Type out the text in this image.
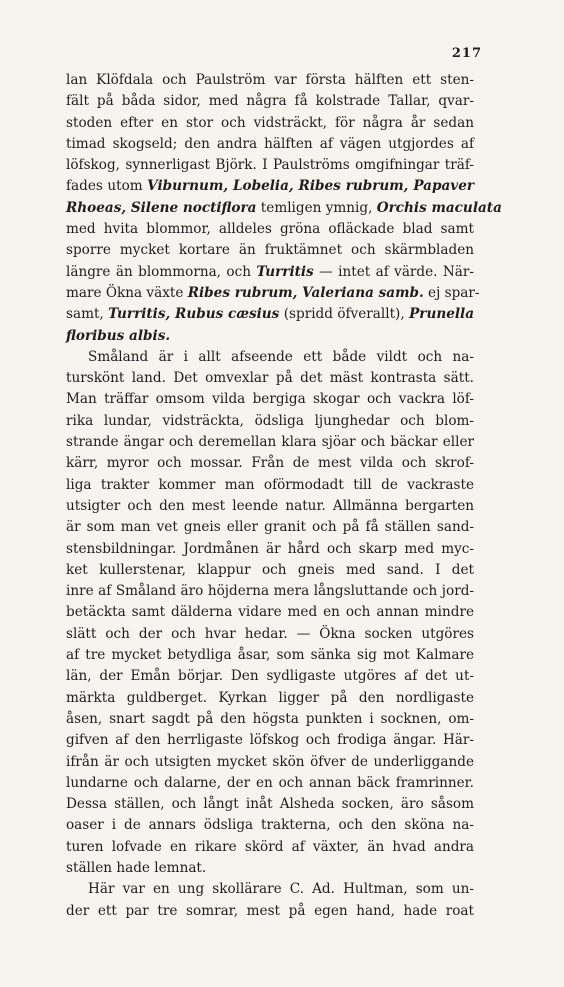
217
lan Klöfdala och Paulström var första hälften ett sten-
fält på båda sidor, med några få kolstrade Tallar, qvar-
stoden efter en stor och vidsträckt, för några år sedan
timad skogseld; den andra hälften af vägen utgjordes af
löfskog, synnerligast Björk. I Paulströms omgifningar träf-
fades utom Viburnum, Lobelia, Ribes rubrum, Papaver
Rhoeas, Silene noctiflora temligen ymnig, Orchis maculata
med hvita blommor, alldeles gröna ofläckade blad samt
sporre mycket kortare än fruktämnet och skärmbladen
längre än blommorna, och Turritis — intet af värde. När-
mare Ökna växte Ribes rubrum, Valeriana samb. ej spar-
samt, Turritis, Rubus cæsius (spridd öfverallt), Prunella
floribus albis.
Småland är i allt afseende ett både vildt och na-
turskönt land. Det omvexlar på det mäst kontrasta sätt.
Man träffar omsom vilda bergiga skogar och vackra löf-
rika lundar, vidsträckta, ödsliga ljunghedar och blom-
strande ängar och deremellan klara sjöar och bäckar eller
kärr, myror och mossar. Från de mest vilda och skrof-
liga trakter kommer man oförmodadt till de vackraste
utsigter och den mest leende natur. Allmänna bergarten
är som man vet gneis eller granit och på få ställen sand-
stensbildningar. Jordmånen är hård och skarp med myc-
ket kullerstenar, klappur och gneis med sand. I det
inre af Småland äro höjderna mera långsluttande och jord-
betäckta samt dälderna vidare med en och annan mindre
slätt och der och hvar hedar. — Ökna socken utgöres
af tre mycket betydliga åsar, som sänka sig mot Kalmare
län, der Emån börjar. Den sydligaste utgöres af det ut-
märkta guldberget. Kyrkan ligger på den nordligaste
åsen, snart sagdt på den högsta punkten i socknen, om-
gifven af den herrligaste löfskog och frodiga ängar. Här-
ifrån är och utsigten mycket skön öfver de underliggande
lundarne och dalarne, der en och annan bäck framrinner.
Dessa ställen, och långt inåt Alsheda socken, äro såsom
oaser i de annars ödsliga trakterna, och den sköna na-
turen lofvade en rikare skörd af växter, än hvad andra
ställen hade lemnat.
Här var en ung skollärare C. Ad. Hultman, som un-
der ett par tre somrar, mest på egen hand, hade roat
